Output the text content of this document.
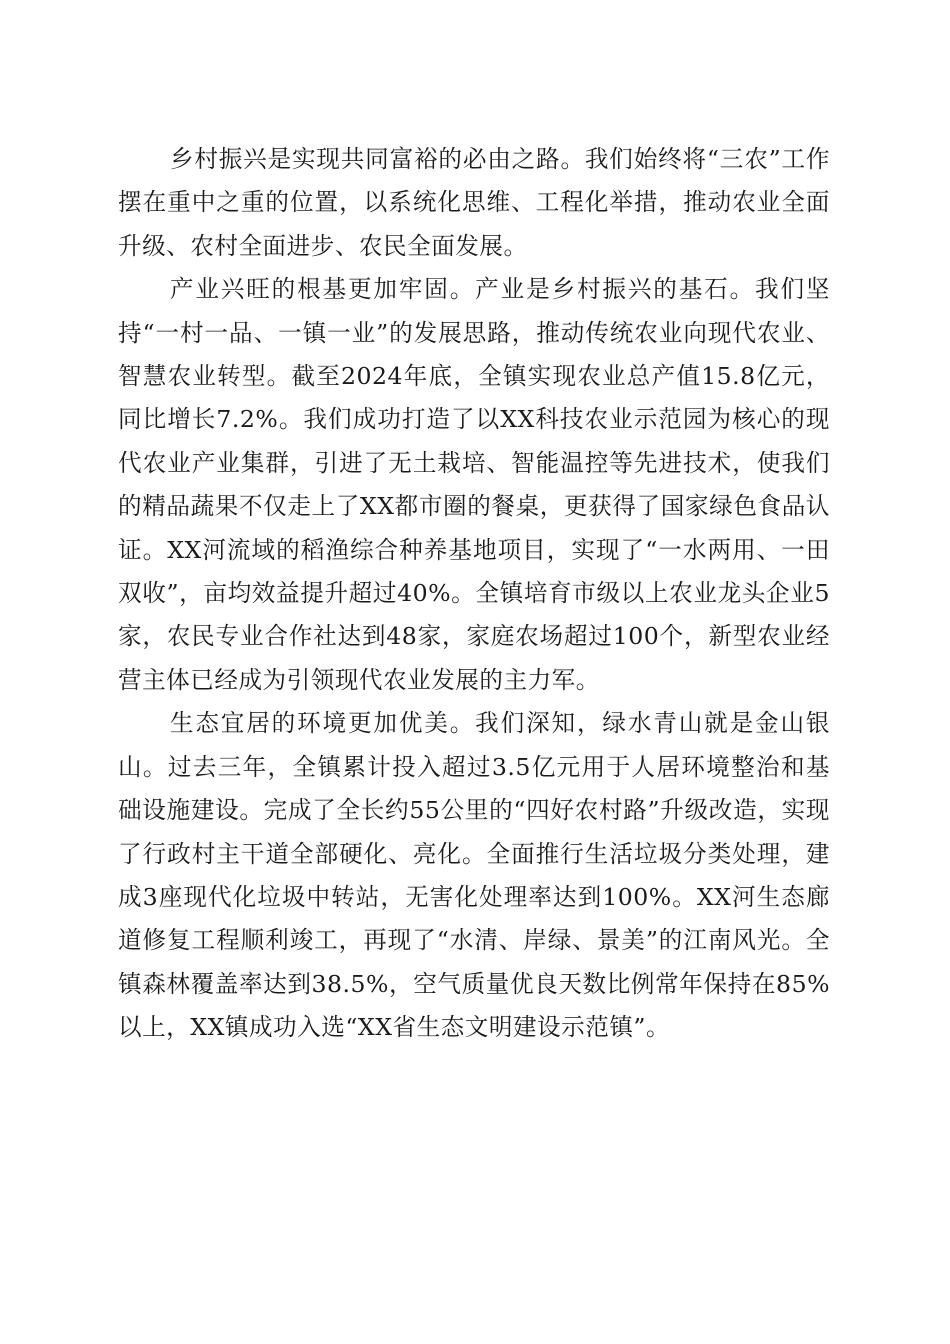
乡村振兴是实现共同富裕的必由之路。我们始终将“三农”工作摆在重中之重的位置，以系统化思维、工程化举措，推动农业全面升级、农村全面进步、农民全面发展。

产业兴旺的根基更加牢固。产业是乡村振兴的基石。我们坚持“一村一品、一镇一业”的发展思路，推动传统农业向现代农业、智慧农业转型。截至2024年底，全镇实现农业总产值15.8亿元，同比增长7.2%。我们成功打造了以XX科技农业示范园为核心的现代农业产业集群，引进了无土栽培、智能温控等先进技术，使我们的精品蔬果不仅走上了XX都市圈的餐桌，更获得了国家绿色食品认证。XX河流域的稻渔综合种养基地项目，实现了“一水两用、一田双收”，亩均效益提升超过40%。全镇培育市级以上农业龙头企业5家，农民专业合作社达到48家，家庭农场超过100个，新型农业经营主体已经成为引领现代农业发展的主力军。

生态宜居的环境更加优美。我们深知，绿水青山就是金山银山。过去三年，全镇累计投入超过3.5亿元用于人居环境整治和基础设施建设。完成了全长约55公里的“四好农村路”升级改造，实现了行政村主干道全部硬化、亮化。全面推行生活垃圾分类处理，建成3座现代化垃圾中转站，无害化处理率达到100%。XX河生态廊道修复工程顺利竣工，再现了“水清、岸绿、景美”的江南风光。全镇森林覆盖率达到38.5%，空气质量优良天数比例常年保持在85%以上，XX镇成功入选“XX省生态文明建设示范镇”。
